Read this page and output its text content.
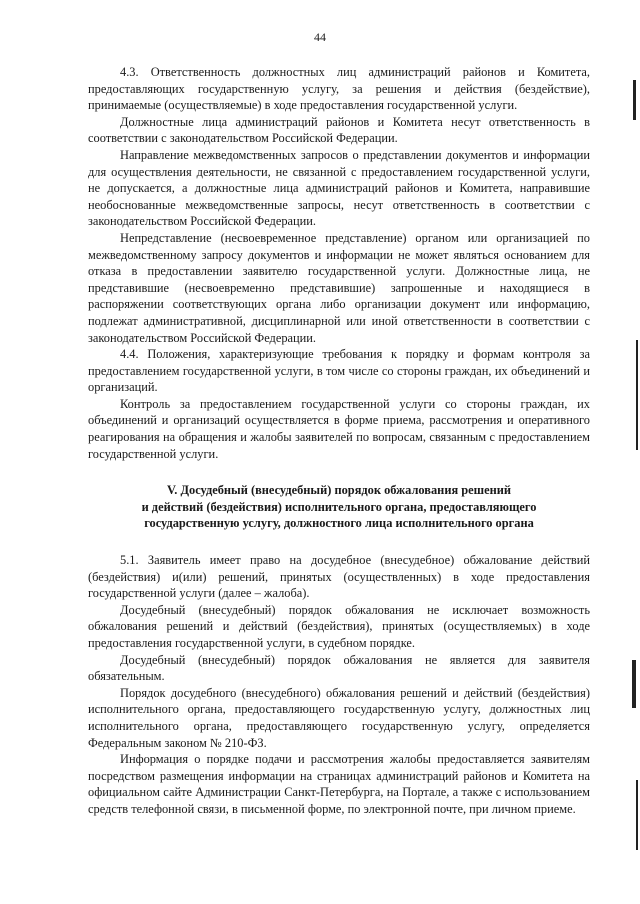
44

4.3. Ответственность должностных лиц администраций районов и Комитета, предоставляющих государственную услугу, за решения и действия (бездействие), принимаемые (осуществляемые) в ходе предоставления государственной услуги.

Должностные лица администраций районов и Комитета несут ответственность в соответствии с законодательством Российской Федерации.

Направление межведомственных запросов о представлении документов и информации для осуществления деятельности, не связанной с предоставлением государственной услуги, не допускается, а должностные лица администраций районов и Комитета, направившие необоснованные межведомственные запросы, несут ответственность в соответствии с законодательством Российской Федерации.

Непредставление (несвоевременное представление) органом или организацией по межведомственному запросу документов и информации не может являться основанием для отказа в предоставлении заявителю государственной услуги. Должностные лица, не представившие (несвоевременно представившие) запрошенные и находящиеся в распоряжении соответствующих органа либо организации документ или информацию, подлежат административной, дисциплинарной или иной ответственности в соответствии с законодательством Российской Федерации.

4.4. Положения, характеризующие требования к порядку и формам контроля за предоставлением государственной услуги, в том числе со стороны граждан, их объединений и организаций.

Контроль за предоставлением государственной услуги со стороны граждан, их объединений и организаций осуществляется в форме приема, рассмотрения и оперативного реагирования на обращения и жалобы заявителей по вопросам, связанным с предоставлением государственной услуги.

V. Досудебный (внесудебный) порядок обжалования решений
и действий (бездействия) исполнительного органа, предоставляющего
государственную услугу, должностного лица исполнительного органа

5.1. Заявитель имеет право на досудебное (внесудебное) обжалование действий (бездействия) и(или) решений, принятых (осуществленных) в ходе предоставления государственной услуги (далее – жалоба).

Досудебный (внесудебный) порядок обжалования не исключает возможность обжалования решений и действий (бездействия), принятых (осуществляемых) в ходе предоставления государственной услуги, в судебном порядке.

Досудебный (внесудебный) порядок обжалования не является для заявителя обязательным.

Порядок досудебного (внесудебного) обжалования решений и действий (бездействия) исполнительного органа, предоставляющего государственную услугу, должностных лиц исполнительного органа, предоставляющего государственную услугу, определяется Федеральным законом № 210-ФЗ.

Информация о порядке подачи и рассмотрения жалобы предоставляется заявителям посредством размещения информации на страницах администраций районов и Комитета на официальном сайте Администрации Санкт-Петербурга, на Портале, а также с использованием средств телефонной связи, в письменной форме, по электронной почте, при личном приеме.
